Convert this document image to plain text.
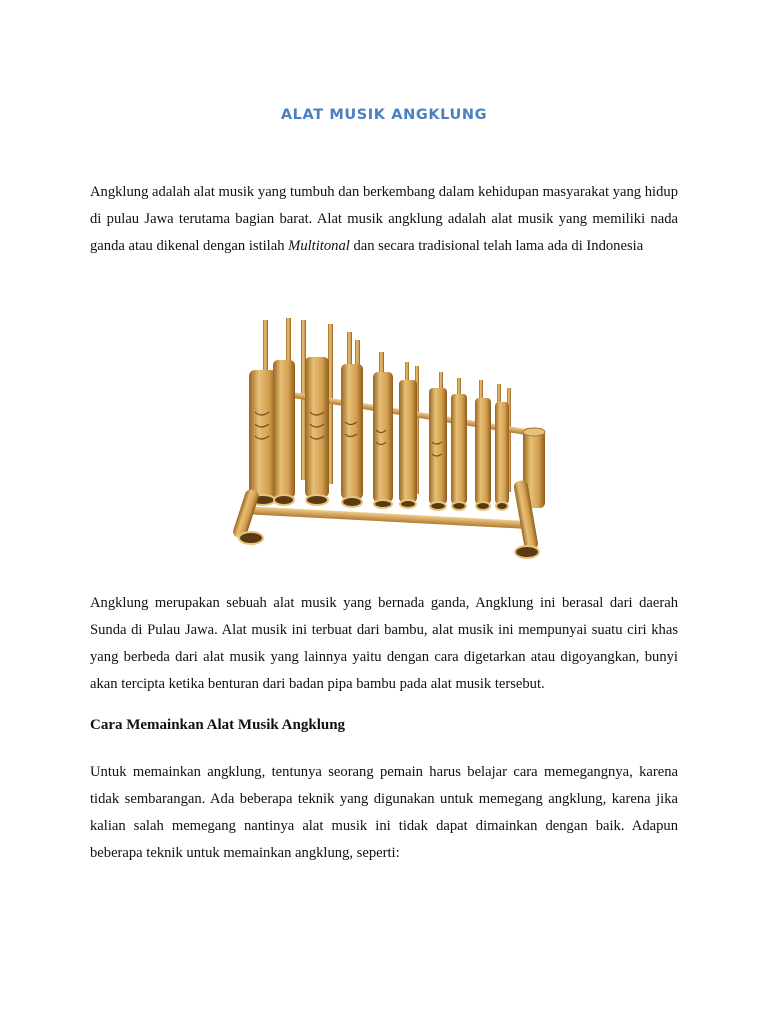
ALAT MUSIK ANGKLUNG

Angklung adalah alat musik yang tumbuh dan berkembang dalam kehidupan masyarakat yang hidup di pulau Jawa terutama bagian barat. Alat musik angklung adalah alat musik yang memiliki nada ganda atau dikenal dengan istilah Multitonal dan secara tradisional telah lama ada di Indonesia

Angklung merupakan sebuah alat musik yang bernada ganda, Angklung ini berasal dari daerah Sunda di Pulau Jawa. Alat musik ini terbuat dari bambu, alat musik ini mempunyai suatu ciri khas yang berbeda dari alat musik yang lainnya yaitu dengan cara digetarkan atau digoyangkan, bunyi akan tercipta ketika benturan dari badan pipa bambu pada alat musik tersebut.

Cara Memainkan Alat Musik Angklung

Untuk memainkan angklung, tentunya seorang pemain harus belajar cara memegangnya, karena tidak sembarangan. Ada beberapa teknik yang digunakan untuk memegang angklung, karena jika kalian salah memegang nantinya alat musik ini tidak dapat dimainkan dengan baik. Adapun beberapa teknik untuk memainkan angklung, seperti:
